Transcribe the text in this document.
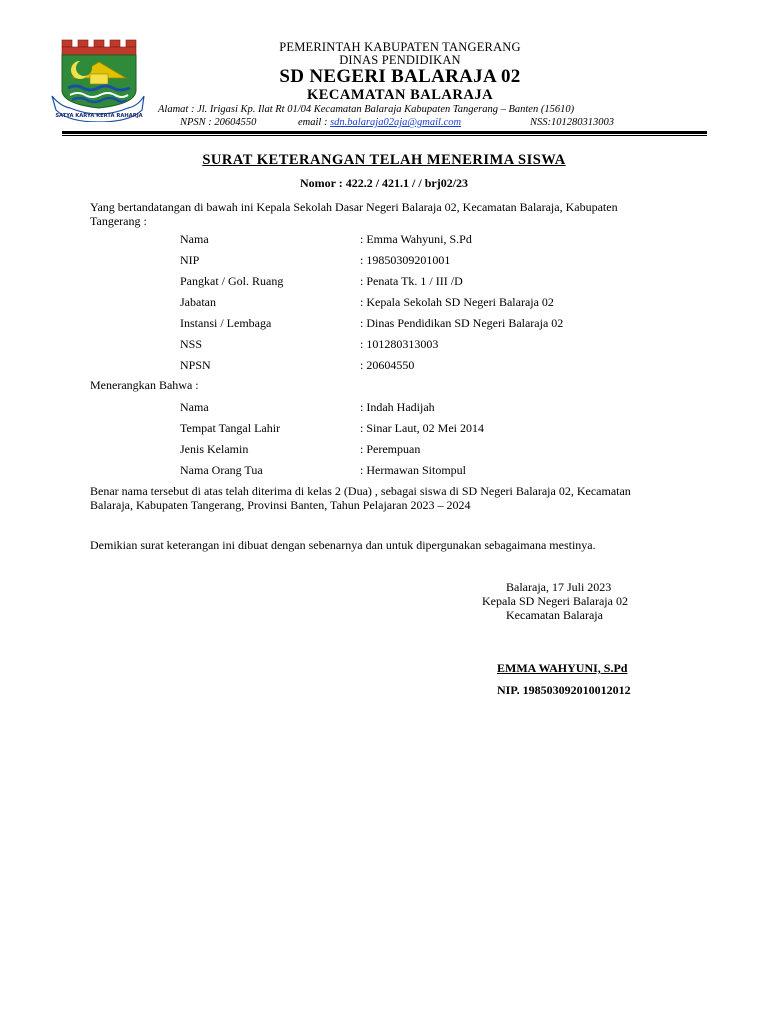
SATYA KARYA KERTA RAHARJA
PEMERINTAH KABUPATEN TANGERANG
DINAS PENDIDIKAN
SD NEGERI BALARAJA 02
KECAMATAN BALARAJA
Alamat : Jl. Irigasi Kp. Ilat Rt 01/04 Kecamatan Balaraja Kabupaten Tangerang – Banten (15610)
NPSN : 20604550	email : sdn.balaraja02aja@gmail.com	NSS:101280313003
SURAT KETERANGAN TELAH MENERIMA SISWA
Nomor : 422.2 / 421.1 / / brj02/23
Yang bertandatangan di bawah ini Kepala Sekolah Dasar Negeri Balaraja 02, Kecamatan Balaraja, Kabupaten Tangerang :
Nama	: Emma Wahyuni, S.Pd
NIP	: 19850309201001
Pangkat / Gol. Ruang	: Penata Tk. 1 / III /D
Jabatan	: Kepala Sekolah SD Negeri Balaraja 02
Instansi / Lembaga	: Dinas Pendidikan SD Negeri Balaraja 02
NSS	: 101280313003
NPSN	: 20604550
Menerangkan Bahwa :
Nama	: Indah Hadijah
Tempat Tangal Lahir	: Sinar Laut, 02 Mei 2014
Jenis Kelamin	: Perempuan
Nama Orang Tua	: Hermawan Sitompul
Benar nama tersebut di atas telah diterima di kelas 2 (Dua) , sebagai siswa di SD Negeri Balaraja 02, Kecamatan Balaraja, Kabupaten Tangerang, Provinsi Banten, Tahun Pelajaran 2023 – 2024
Demikian surat keterangan ini dibuat dengan sebenarnya dan untuk dipergunakan sebagaimana mestinya.
Balaraja, 17 Juli 2023
Kepala SD Negeri Balaraja 02
Kecamatan Balaraja
EMMA WAHYUNI, S.Pd
NIP. 198503092010012012
